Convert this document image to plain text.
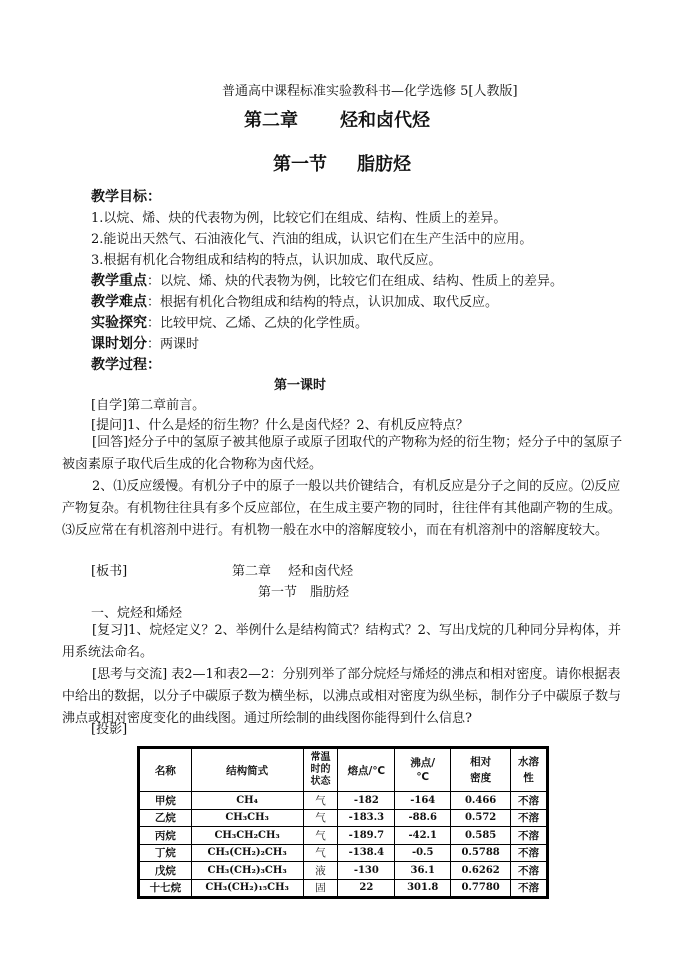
普通高中课程标准实验教科书—化学选修 5[人教版]
第二章 烃和卤代烃
第一节 脂肪烃
教学目标：
1.以烷、烯、炔的代表物为例，比较它们在组成、结构、性质上的差异。
2.能说出天然气、石油液化气、汽油的组成，认识它们在生产生活中的应用。
3.根据有机化合物组成和结构的特点，认识加成、取代反应。
教学重点：以烷、烯、炔的代表物为例，比较它们在组成、结构、性质上的差异。
教学难点：根据有机化合物组成和结构的特点，认识加成、取代反应。
实验探究：比较甲烷、乙烯、乙炔的化学性质。
课时划分：两课时
教学过程：
第一课时
[自学]第二章前言。
[提问]1、什么是烃的衍生物？什么是卤代烃？2、有机反应特点？
[回答]烃分子中的氢原子被其他原子或原子团取代的产物称为烃的衍生物；烃分子中的氢原子被卤素原子取代后生成的化合物称为卤代烃。
2、⑴反应缓慢。有机分子中的原子一般以共价键结合，有机反应是分子之间的反应。⑵反应产物复杂。有机物往往具有多个反应部位，在生成主要产物的同时，往往伴有其他副产物的生成。⑶反应常在有机溶剂中进行。有机物一般在水中的溶解度较小，而在有机溶剂中的溶解度较大。
[板书]	第二章　 烃和卤代烃
第一节　脂肪烃
一、烷烃和烯烃
[复习]1、烷烃定义？2、举例什么是结构简式？结构式？2、写出戊烷的几种同分异构体，并用系统法命名。
[思考与交流] 表2—1和表2—2：分别列举了部分烷烃与烯烃的沸点和相对密度。请你根据表中给出的数据，以分子中碳原子数为横坐标，以沸点或相对密度为纵坐标，制作分子中碳原子数与沸点或相对密度变化的曲线图。通过所绘制的曲线图你能得到什么信息?
[投影]
名称	结构简式	常温时的状态	熔点/℃	沸点/℃	相对密度	水溶性
甲烷	CH₄	气	-182	-164	0.466	不溶
乙烷	CH₃CH₃	气	-183.3	-88.6	0.572	不溶
丙烷	CH₃CH₂CH₃	气	-189.7	-42.1	0.585	不溶
丁烷	CH₃(CH₂)₂CH₃	气	-138.4	-0.5	0.5788	不溶
戊烷	CH₃(CH₂)₃CH₃	液	-130	36.1	0.6262	不溶
十七烷	CH₃(CH₂)₁₅CH₃	固	22	301.8	0.7780	不溶
